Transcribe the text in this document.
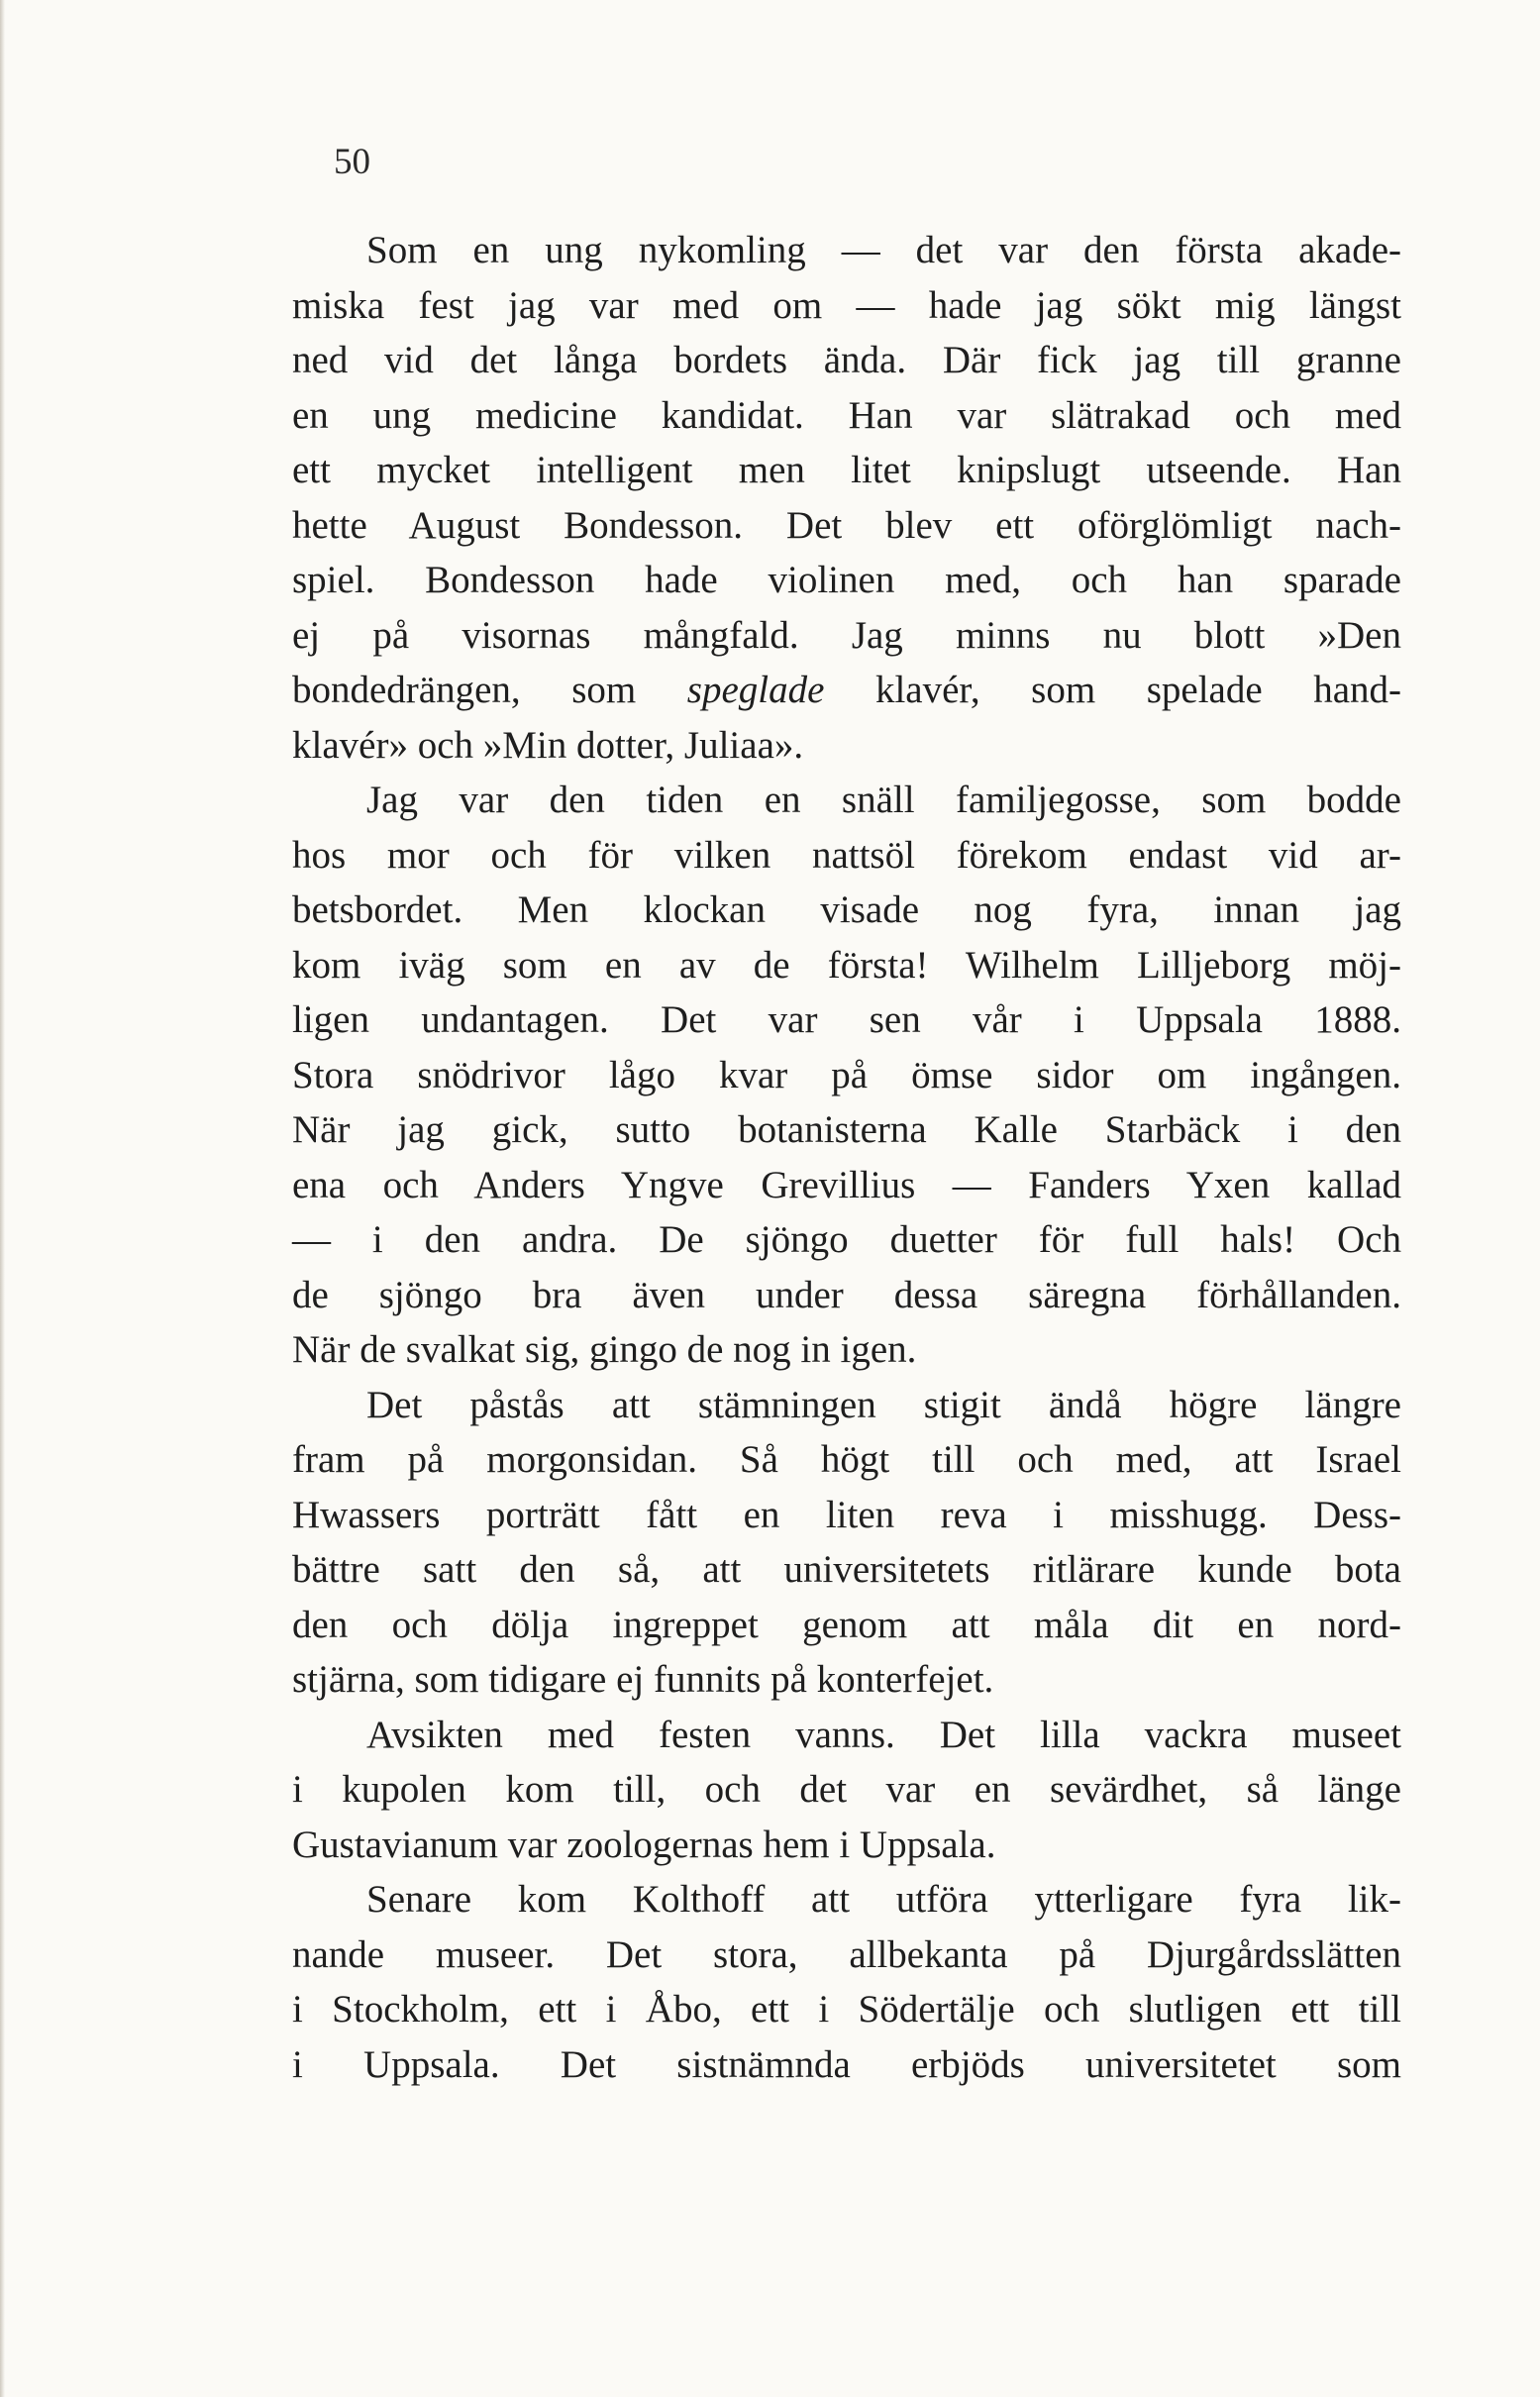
50

Som en ung nykomling — det var den första akade-
miska fest jag var med om — hade jag sökt mig längst
ned vid det långa bordets ända. Där fick jag till granne
en ung medicine kandidat. Han var slätrakad och med
ett mycket intelligent men litet knipslugt utseende. Han
hette August Bondesson. Det blev ett oförglömligt nach-
spiel. Bondesson hade violinen med, och han sparade
ej på visornas mångfald. Jag minns nu blott »Den
bondedrängen, som speglade klavér, som spelade hand-
klavér» och »Min dotter, Juliaa».

Jag var den tiden en snäll familjegosse, som bodde
hos mor och för vilken nattsöl förekom endast vid ar-
betsbordet. Men klockan visade nog fyra, innan jag
kom iväg som en av de första! Wilhelm Lilljeborg möj-
ligen undantagen. Det var sen vår i Uppsala 1888.
Stora snödrivor lågo kvar på ömse sidor om ingången.
När jag gick, sutto botanisterna Kalle Starbäck i den
ena och Anders Yngve Grevillius — Fanders Yxen kallad
— i den andra. De sjöngo duetter för full hals! Och
de sjöngo bra även under dessa säregna förhållanden.
När de svalkat sig, gingo de nog in igen.

Det påstås att stämningen stigit ändå högre längre
fram på morgonsidan. Så högt till och med, att Israel
Hwassers porträtt fått en liten reva i misshugg. Dess-
bättre satt den så, att universitetets ritlärare kunde bota
den och dölja ingreppet genom att måla dit en nord-
stjärna, som tidigare ej funnits på konterfejet.

Avsikten med festen vanns. Det lilla vackra museet
i kupolen kom till, och det var en sevärdhet, så länge
Gustavianum var zoologernas hem i Uppsala.

Senare kom Kolthoff att utföra ytterligare fyra lik-
nande museer. Det stora, allbekanta på Djurgårdsslätten
i Stockholm, ett i Åbo, ett i Södertälje och slutligen ett till
i Uppsala. Det sistnämnda erbjöds universitetet som
